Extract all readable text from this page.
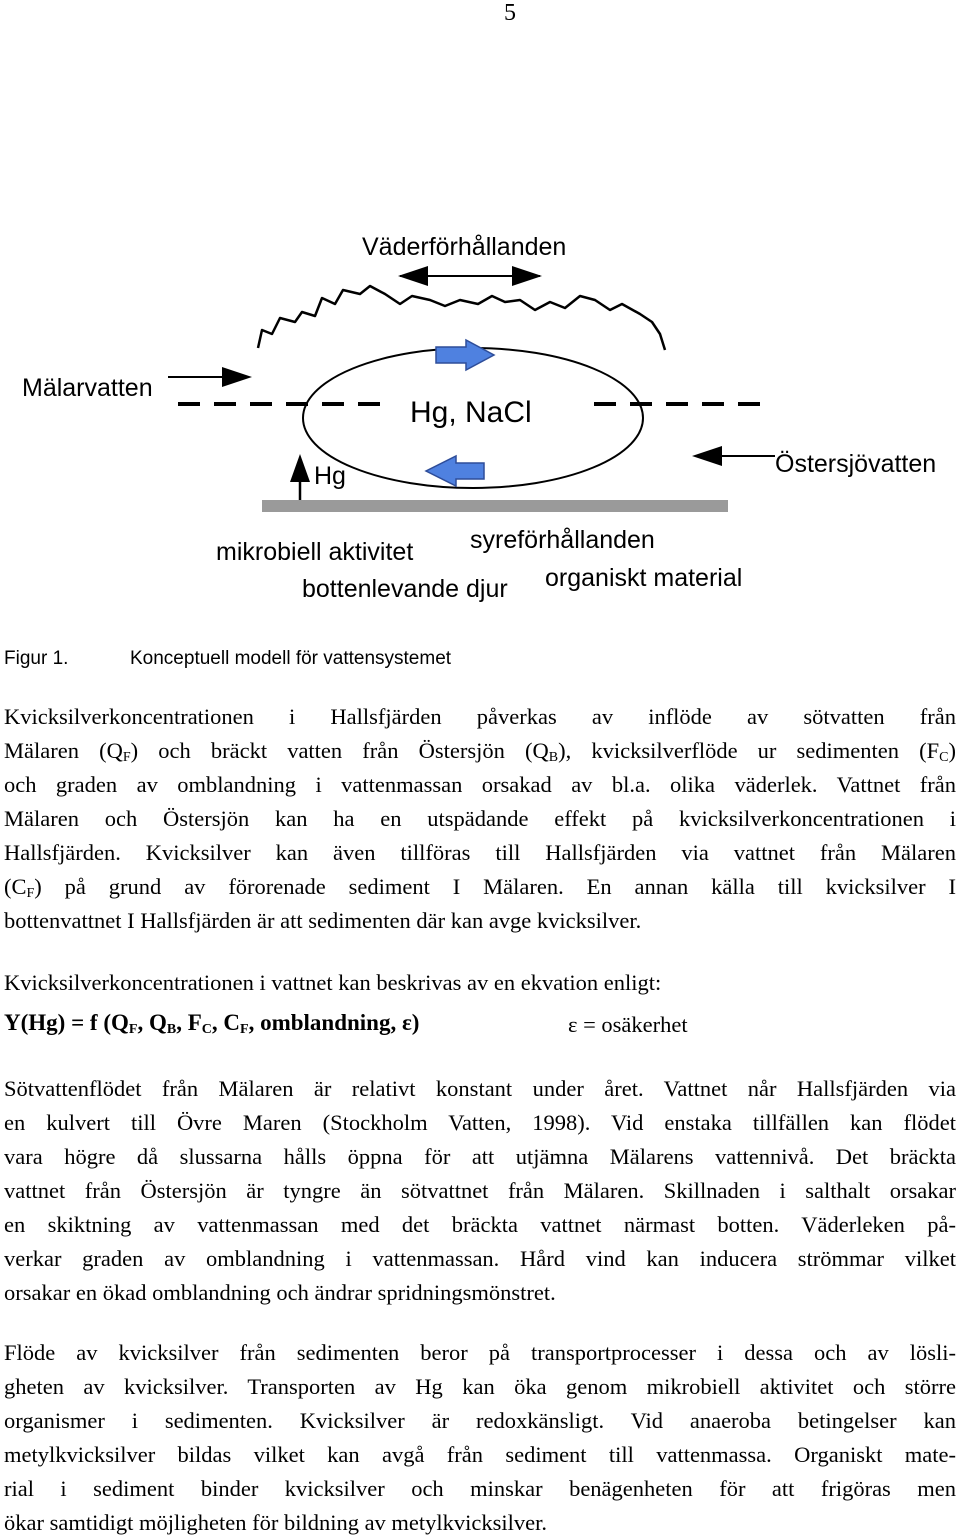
5
Väderförhållanden
Mälarvatten
Hg, NaCl
Hg	Östersjövatten
mikrobiell aktivitet syreförhållanden
bottenlevande djur organiskt material
Figur 1.	Konceptuell modell för vattensystemet
Kvicksilverkoncentrationen i Hallsfjärden påverkas av inflöde av sötvatten från
Mälaren $(Q_F)$ och bräckt vatten från Östersjön $(Q_B)$, kvicksilverflöde ur sedimenten $(F_C)$
och graden av omblandning i vattenmassan orsakad av bl.a. olika väderlek. Vattnet från
Mälaren och Östersjön kan ha en utspädande effekt på kvicksilverkoncentrationen i
Hallsfjärden. Kvicksilver kan även tillföras till Hallsfjärden via vattnet från Mälaren
$(C_F)$ på grund av förorenade sediment I Mälaren. En annan källa till kvicksilver I
bottenvattnet I Hallsfjärden är att sedimenten där kan avge kvicksilver.
Kvicksilverkoncentrationen i vattnet kan beskrivas av en ekvation enligt:
Y(Hg) = f ($Q_F$, $Q_B$, $F_C$, $C_F$, omblandning, ε)	ε = osäkerhet
Sötvattenflödet från Mälaren är relativt konstant under året. Vattnet når Hallsfjärden via
en kulvert till Övre Maren (Stockholm Vatten, 1998). Vid enstaka tillfällen kan flödet
vara högre då slussarna hålls öppna för att utjämna Mälarens vattennivå. Det bräckta
vattnet från Östersjön är tyngre än sötvattnet från Mälaren. Skillnaden i salthalt orsakar
en skiktning av vattenmassan med det bräckta vattnet närmast botten. Väderleken på-
verkar graden av omblandning i vattenmassan. Hård vind kan inducera strömmar vilket
orsakar en ökad omblandning och ändrar spridningsmönstret.
Flöde av kvicksilver från sedimenten beror på transportprocesser i dessa och av lösli-
gheten av kvicksilver. Transporten av Hg kan öka genom mikrobiell aktivitet och större
organismer i sedimenten. Kvicksilver är redoxkänsligt. Vid anaeroba betingelser kan
metylkvicksilver bildas vilket kan avgå från sediment till vattenmassa. Organiskt mate-
rial i sediment binder kvicksilver och minskar benägenheten för att frigöras men
ökar samtidigt möjligheten för bildning av metylkvicksilver.
